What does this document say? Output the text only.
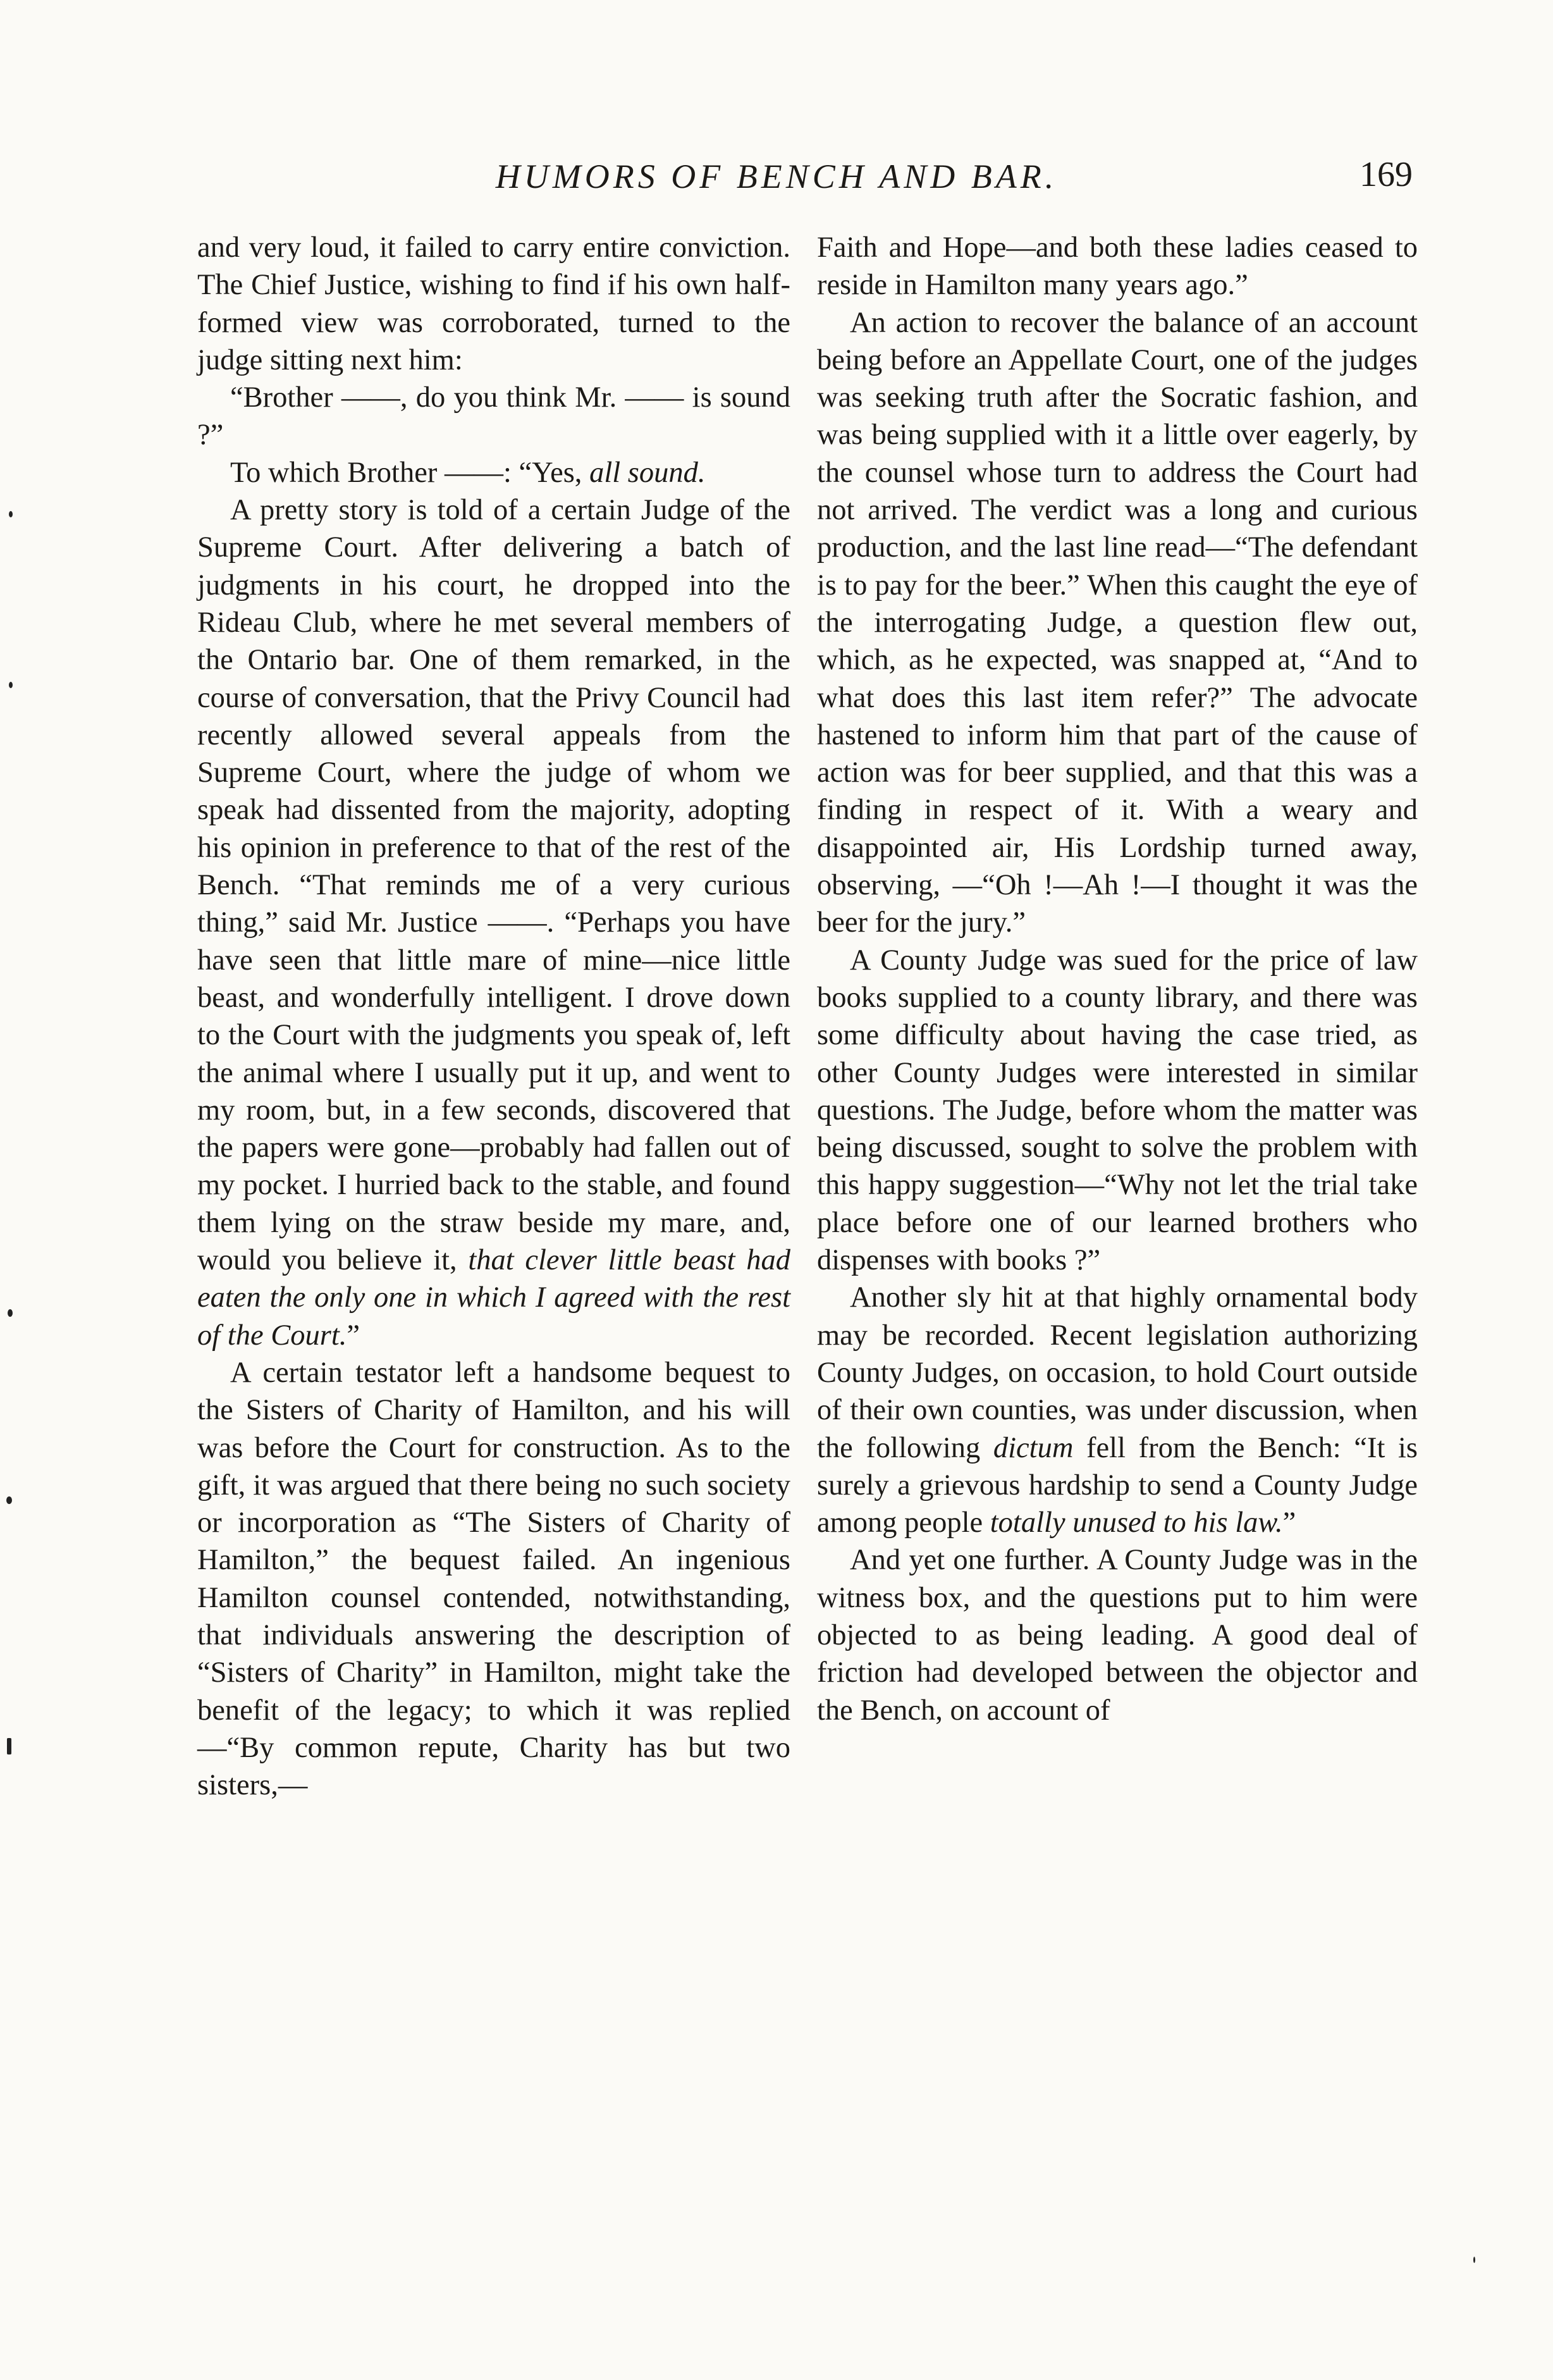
HUMORS OF BENCH AND BAR.	169

and very loud, it failed to carry entire conviction. The Chief Justice, wishing to find if his own half-formed view was corroborated, turned to the judge sitting next him:

“Brother ——, do you think Mr. —— is sound ?”

To which Brother ——: “Yes, all sound.

A pretty story is told of a certain Judge of the Supreme Court. After delivering a batch of judgments in his court, he dropped into the Rideau Club, where he met several members of the Ontario bar. One of them remarked, in the course of conversation, that the Privy Council had recently allowed several appeals from the Supreme Court, where the judge of whom we speak had dissented from the majority, adopting his opinion in preference to that of the rest of the Bench. “That reminds me of a very curious thing,” said Mr. Justice ——. “Perhaps you have have seen that little mare of mine—nice little beast, and wonderfully intelligent. I drove down to the Court with the judgments you speak of, left the animal where I usually put it up, and went to my room, but, in a few seconds, discovered that the papers were gone—probably had fallen out of my pocket. I hurried back to the stable, and found them lying on the straw beside my mare, and, would you believe it, that clever little beast had eaten the only one in which I agreed with the rest of the Court.”

A certain testator left a handsome bequest to the Sisters of Charity of Hamilton, and his will was before the Court for construction. As to the gift, it was argued that there being no such society or incorporation as “The Sisters of Charity of Hamilton,” the bequest failed. An ingenious Hamilton counsel contended, notwithstanding, that individuals answering the description of “Sisters of Charity” in Hamilton, might take the benefit of the legacy; to which it was replied—“By common repute, Charity has but two sisters,—

Faith and Hope—and both these ladies ceased to reside in Hamilton many years ago.”

An action to recover the balance of an account being before an Appellate Court, one of the judges was seeking truth after the Socratic fashion, and was being supplied with it a little over eagerly, by the counsel whose turn to address the Court had not arrived. The verdict was a long and curious production, and the last line read—“The defendant is to pay for the beer.” When this caught the eye of the interrogating Judge, a question flew out, which, as he expected, was snapped at, “And to what does this last item refer?” The advocate hastened to inform him that part of the cause of action was for beer supplied, and that this was a finding in respect of it. With a weary and disappointed air, His Lordship turned away, observing, —“Oh !—Ah !—I thought it was the beer for the jury.”

A County Judge was sued for the price of law books supplied to a county library, and there was some difficulty about having the case tried, as other County Judges were interested in similar questions. The Judge, before whom the matter was being discussed, sought to solve the problem with this happy suggestion—“Why not let the trial take place before one of our learned brothers who dispenses with books ?”

Another sly hit at that highly ornamental body may be recorded. Recent legislation authorizing County Judges, on occasion, to hold Court outside of their own counties, was under discussion, when the following dictum fell from the Bench: “It is surely a grievous hardship to send a County Judge among people totally unused to his law.”

And yet one further. A County Judge was in the witness box, and the questions put to him were objected to as being leading. A good deal of friction had developed between the objector and the Bench, on account of
